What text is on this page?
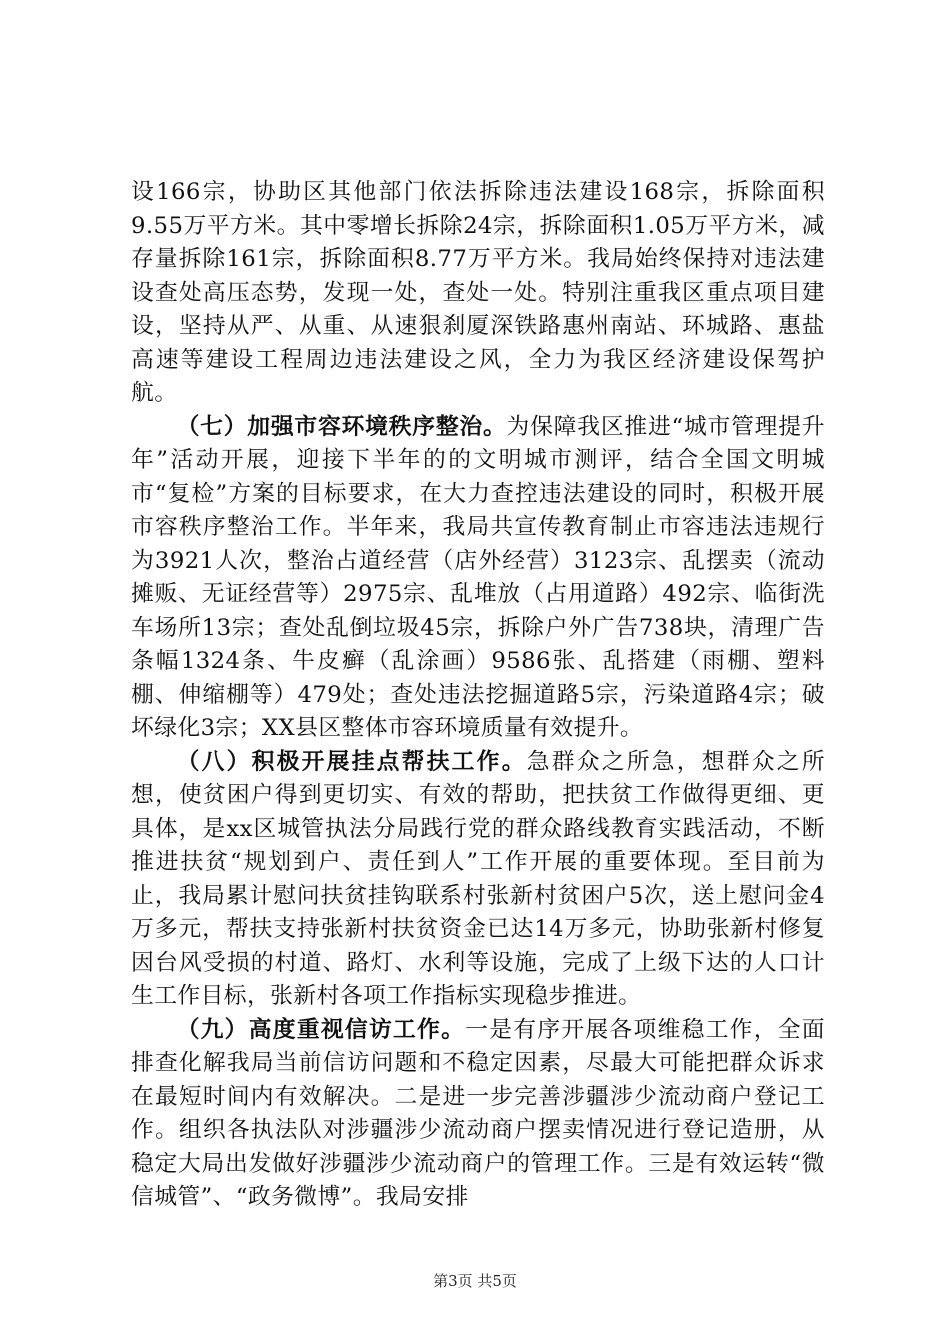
设166宗，协助区其他部门依法拆除违法建设168宗，拆除面积9.55万平方米。其中零增长拆除24宗，拆除面积1.05万平方米，减存量拆除161宗，拆除面积8.77万平方米。我局始终保持对违法建设查处高压态势，发现一处，查处一处。特别注重我区重点项目建设，坚持从严、从重、从速狠刹厦深铁路惠州南站、环城路、惠盐高速等建设工程周边违法建设之风，全力为我区经济建设保驾护航。

（七）加强市容环境秩序整治。为保障我区推进“城市管理提升年”活动开展，迎接下半年的的文明城市测评，结合全国文明城市“复检”方案的目标要求，在大力查控违法建设的同时，积极开展市容秩序整治工作。半年来，我局共宣传教育制止市容违法违规行为3921人次，整治占道经营（店外经营）3123宗、乱摆卖（流动摊贩、无证经营等）2975宗、乱堆放（占用道路）492宗、临街洗车场所13宗；查处乱倒垃圾45宗，拆除户外广告738块，清理广告条幅1324条、牛皮癣（乱涂画）9586张、乱搭建（雨棚、塑料棚、伸缩棚等）479处；查处违法挖掘道路5宗，污染道路4宗；破坏绿化3宗；XX县区整体市容环境质量有效提升。

（八）积极开展挂点帮扶工作。急群众之所急，想群众之所想，使贫困户得到更切实、有效的帮助，把扶贫工作做得更细、更具体，是xx区城管执法分局践行党的群众路线教育实践活动，不断推进扶贫“规划到户、责任到人”工作开展的重要体现。至目前为止，我局累计慰问扶贫挂钩联系村张新村贫困户5次，送上慰问金4万多元，帮扶支持张新村扶贫资金已达14万多元，协助张新村修复因台风受损的村道、路灯、水利等设施，完成了上级下达的人口计生工作目标，张新村各项工作指标实现稳步推进。

（九）高度重视信访工作。一是有序开展各项维稳工作，全面排查化解我局当前信访问题和不稳定因素，尽最大可能把群众诉求在最短时间内有效解决。二是进一步完善涉疆涉少流动商户登记工作。组织各执法队对涉疆涉少流动商户摆卖情况进行登记造册，从稳定大局出发做好涉疆涉少流动商户的管理工作。三是有效运转“微信城管”、“政务微博”。我局安排

第3页 共5页
